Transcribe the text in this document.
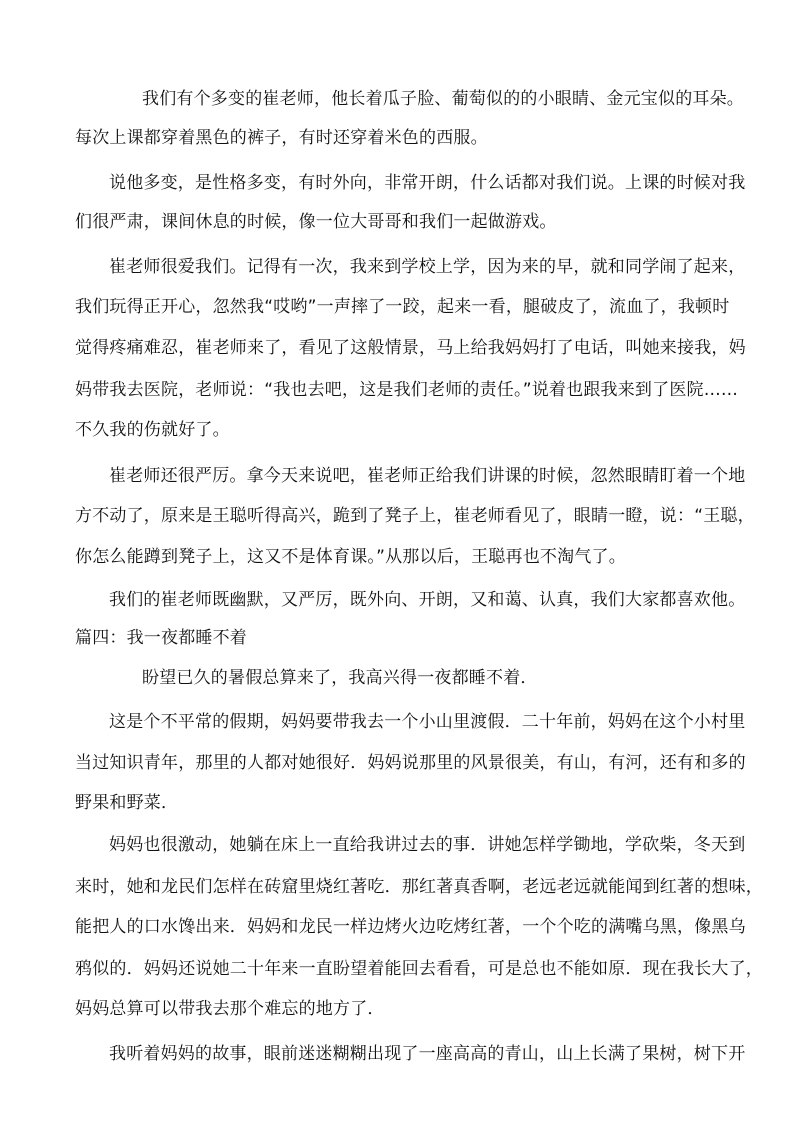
我们有个多变的崔老师，他长着瓜子脸、葡萄似的的小眼睛、金元宝似的耳朵。
每次上课都穿着黑色的裤子，有时还穿着米色的西服。
说他多变，是性格多变，有时外向，非常开朗，什么话都对我们说。上课的时候对我
们很严肃，课间休息的时候，像一位大哥哥和我们一起做游戏。
崔老师很爱我们。记得有一次，我来到学校上学，因为来的早，就和同学闹了起来，
我们玩得正开心，忽然我“哎哟”一声摔了一跤，起来一看，腿破皮了，流血了，我顿时
觉得疼痛难忍，崔老师来了，看见了这般情景，马上给我妈妈打了电话，叫她来接我，妈
妈带我去医院，老师说：“我也去吧，这是我们老师的责任。”说着也跟我来到了医院……
不久我的伤就好了。
崔老师还很严厉。拿今天来说吧，崔老师正给我们讲课的时候，忽然眼睛盯着一个地
方不动了，原来是王聪听得高兴，跪到了凳子上，崔老师看见了，眼睛一瞪，说：“王聪，
你怎么能蹲到凳子上，这又不是体育课。”从那以后，王聪再也不淘气了。
我们的崔老师既幽默，又严厉，既外向、开朗，又和蔼、认真，我们大家都喜欢他。
篇四：我一夜都睡不着
盼望已久的暑假总算来了，我高兴得一夜都睡不着．
这是个不平常的假期，妈妈要带我去一个小山里渡假．二十年前，妈妈在这个小村里
当过知识青年，那里的人都对她很好．妈妈说那里的风景很美，有山，有河，还有和多的
野果和野菜．
妈妈也很激动，她躺在床上一直给我讲过去的事．讲她怎样学锄地，学砍柴，冬天到
来时，她和龙民们怎样在砖窟里烧红著吃．那红著真香啊，老远老远就能闻到红著的想味，
能把人的口水馋出来．妈妈和龙民一样边烤火边吃烤红著，一个个吃的满嘴乌黑，像黑乌
鸦似的．妈妈还说她二十年来一直盼望着能回去看看，可是总也不能如原．现在我长大了，
妈妈总算可以带我去那个难忘的地方了．
我听着妈妈的故事，眼前迷迷糊糊出现了一座高高的青山，山上长满了果树，树下开
